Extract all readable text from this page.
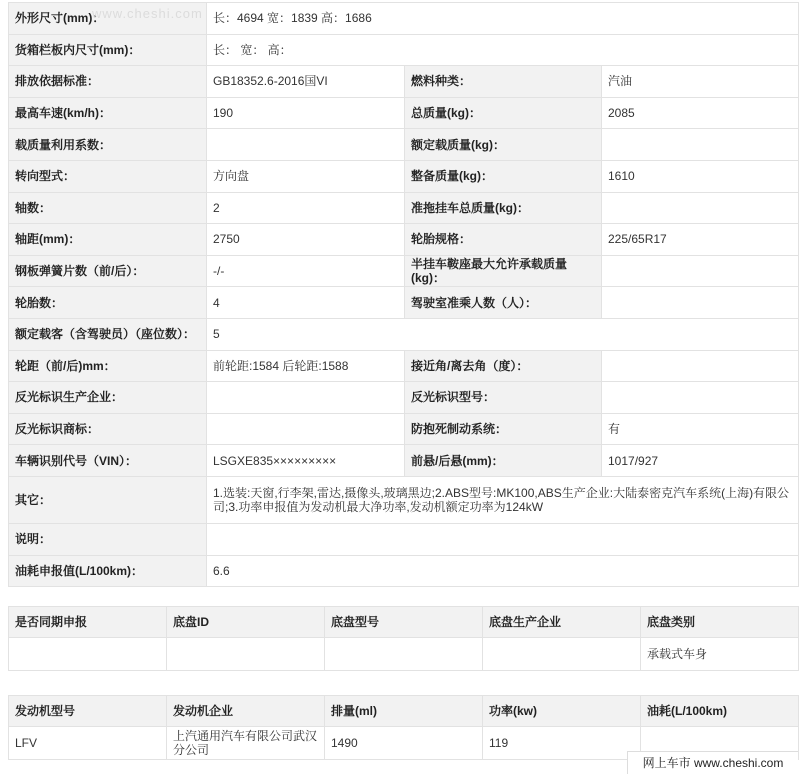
外形尺寸(mm)：	长：4694 宽：1839 高：1686		
货箱栏板内尺寸(mm)：	长： 宽： 高：		
排放依据标准：	GB18352.6-2016国VI	燃料种类：	汽油
最高车速(km/h)：	190	总质量(kg)：	2085
载质量利用系数：		额定载质量(kg)：	
转向型式：	方向盘	整备质量(kg)：	1610
轴数：	2	准拖挂车总质量(kg)：	
轴距(mm)：	2750	轮胎规格：	225/65R17
钢板弹簧片数（前/后）：	-/-	半挂车鞍座最大允许承载质量(kg)：	
轮胎数：	4	驾驶室准乘人数（人）：	
额定载客（含驾驶员）（座位数）：	5		
轮距（前/后)mm：	前轮距:1584 后轮距:1588	接近角/离去角（度）：	
反光标识生产企业：		反光标识型号：	
反光标识商标：		防抱死制动系统：	有
车辆识别代号（VIN）：	LSGXE835×××××××××	前悬/后悬(mm)：	1017/927
其它：	1.选装:天窗,行李架,雷达,摄像头,玻璃黑边;2.ABS型号:MK100,ABS生产企业:大陆泰密克汽车系统(上海)有限公司;3.功率申报值为发动机最大净功率,发动机额定功率为124kW		
说明：			
油耗申报值(L/100km)：	6.6		
www.cheshi.com
是否同期申报	底盘ID	底盘型号	底盘生产企业	底盘类别
				承载式车身
发动机型号	发动机企业	排量(ml)	功率(kw)	油耗(L/100km)
LFV	上汽通用汽车有限公司武汉分公司	1490	119	
网上车市 www.cheshi.com
